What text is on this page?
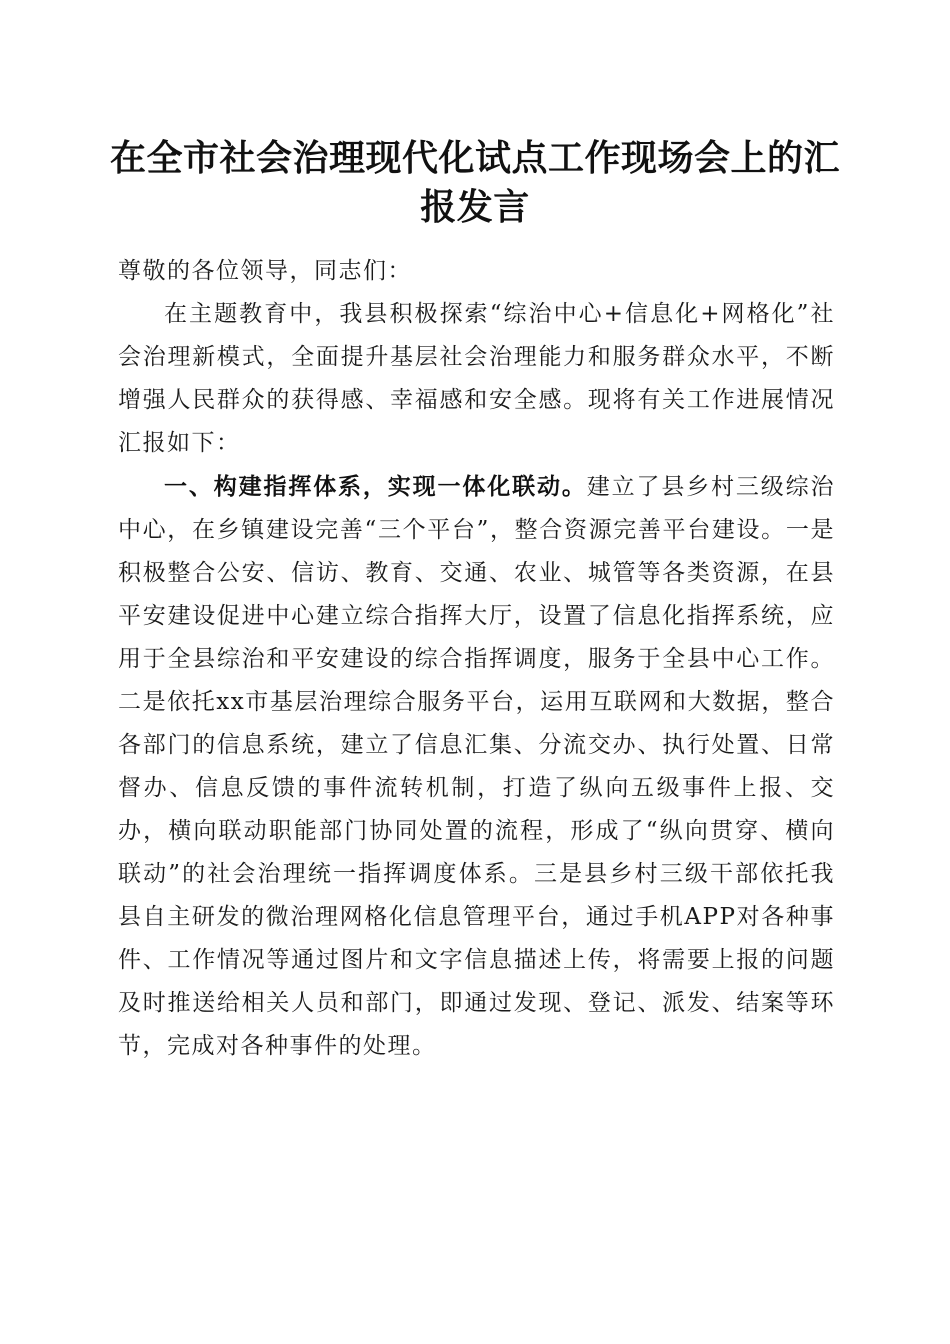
在全市社会治理现代化试点工作现场会上的汇
报发言

尊敬的各位领导，同志们：

在主题教育中，我县积极探索“综治中心+信息化+网格化”社会治理新模式，全面提升基层社会治理能力和服务群众水平，不断增强人民群众的获得感、幸福感和安全感。现将有关工作进展情况汇报如下：

一、构建指挥体系，实现一体化联动。建立了县乡村三级综治中心，在乡镇建设完善“三个平台”，整合资源完善平台建设。一是积极整合公安、信访、教育、交通、农业、城管等各类资源，在县平安建设促进中心建立综合指挥大厅，设置了信息化指挥系统，应用于全县综治和平安建设的综合指挥调度，服务于全县中心工作。二是依托xx市基层治理综合服务平台，运用互联网和大数据，整合各部门的信息系统，建立了信息汇集、分流交办、执行处置、日常督办、信息反馈的事件流转机制，打造了纵向五级事件上报、交办，横向联动职能部门协同处置的流程，形成了“纵向贯穿、横向联动”的社会治理统一指挥调度体系。三是县乡村三级干部依托我县自主研发的微治理网格化信息管理平台，通过手机APP对各种事件、工作情况等通过图片和文字信息描述上传，将需要上报的问题及时推送给相关人员和部门，即通过发现、登记、派发、结案等环节，完成对各种事件的处理。
